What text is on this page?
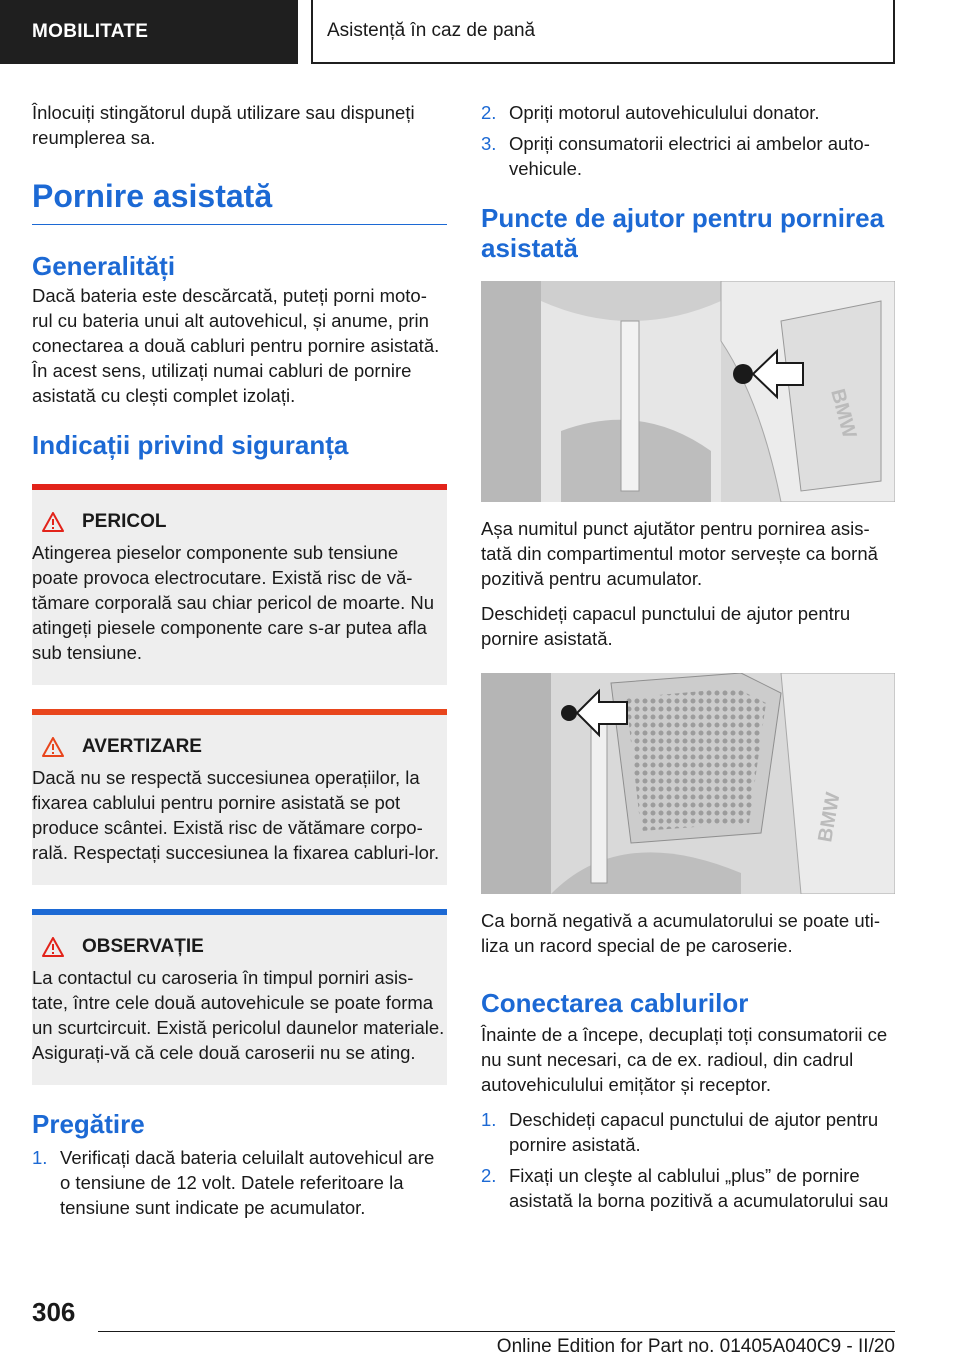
MOBILITATE	Asistență în caz de pană

Înlocuiți stingătorul după utilizare sau dispuneți reumplerea sa.

Pornire asistată
Generalități

Dacă bateria este descărcată, puteți porni moto-rul cu bateria unui alt autovehicul, și anume, prin conectarea a două cabluri pentru pornire asistată. În acest sens, utilizați numai cabluri de pornire asistată cu clești complet izolați.

Indicații privind siguranța
PERICOL

Atingerea pieselor componente sub tensiune poate provoca electrocutare. Există risc de vă-tămare corporală sau chiar pericol de moarte. Nu atingeți piesele componente care s-ar putea afla sub tensiune.

AVERTIZARE

Dacă nu se respectă succesiunea operațiilor, la fixarea cablului pentru pornire asistată se pot produce scântei. Există risc de vătămare corpo-rală. Respectați succesiunea la fixarea cabluri-lor.

OBSERVAȚIE

La contactul cu caroseria în timpul porniri asis-tate, între cele două autovehicule se poate forma un scurtcircuit. Există pericolul daunelor materiale. Asigurați-vă că cele două caroserii nu se ating.

Pregătire
1. Verificați dacă bateria celuilalt autovehicul are o tensiune de 12 volt. Datele referitoare la tensiune sunt indicate pe acumulator.
2. Opriți motorul autovehiculului donator.
3. Opriți consumatorii electrici ai ambelor auto-vehicule.
Puncte de ajutor pentru pornirea asistată
BMW

Așa numitul punct ajutător pentru pornirea asis-tată din compartimentul motor servește ca bornă pozitivă pentru acumulator.

Deschideți capacul punctului de ajutor pentru pornire asistată.

BMW

Ca bornă negativă a acumulatorului se poate uti-liza un racord special de pe caroserie.

Conectarea cablurilor

Înainte de a începe, decuplați toți consumatorii ce nu sunt necesari, ca de ex. radioul, din cadrul autovehiculului emițător și receptor.

1. Deschideți capacul punctului de ajutor pentru pornire asistată.
2. Fixați un cleşte al cablului „plus” de pornire asistată la borna pozitivă a acumulatorului sau
306
Online Edition for Part no. 01405A040C9 - II/20
